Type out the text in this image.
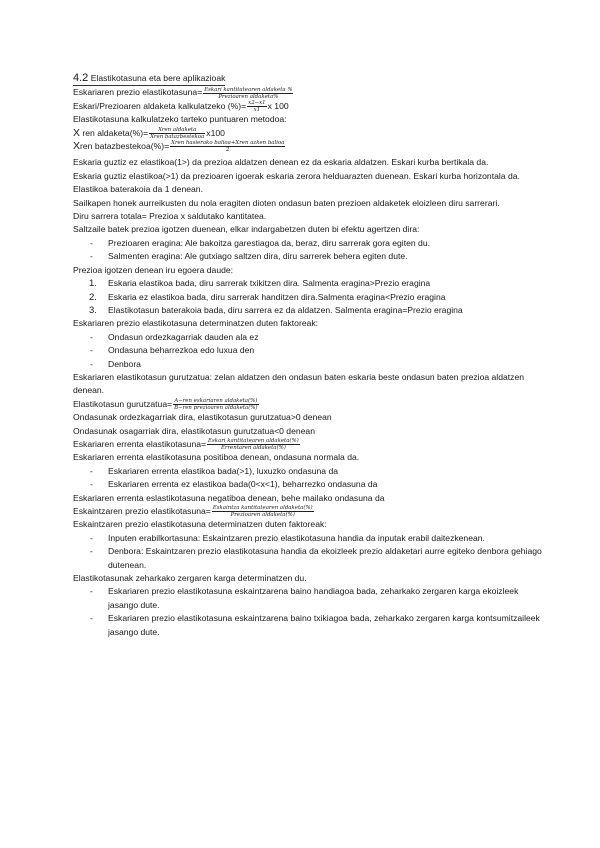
4.2 Elastikotasuna eta bere aplikazioak

Eskariaren prezio elastikotasuna= $\frac{\text{Eskari kantitatearen aldaketa \%}}{\text{Prezioaren aldaketa\%}}$

Eskari/Prezioaren aldaketa kalkulatzeko (%)= $\frac{x2-x1}{x1}$ x 100

Elastikotasuna kalkulatzeko tarteko puntuaren metodoa:

X ren aldaketa(%)= $\frac{\text{Xren aldaketa}}{\text{Xren batazbestekoa}} x100$

Xren batazbestekoa(%)= $\frac{\text{Xren hasierako balioa+Xren azken balioa}}{2}$

Eskaria guztiz ez elastikoa(1>) da prezioa aldatzen denean ez da eskaria aldatzen. Eskari kurba bertikala da.

Eskaria guztiz elastikoa(>1) da prezioaren igoerak eskaria zerora helduarazten duenean. Eskari kurba horizontala da.

Elastikoa baterakoia da 1 denean.

Sailkapen honek aurreikusten du nola eragiten dioten ondasun baten prezioen aldaketek eloizleen diru sarrerari.

Diru sarrera totala= Prezioa x saldutako kantitatea.

Saltzaile batek prezioa igotzen duenean, elkar indargabetzen duten bi efektu agertzen dira:

- Prezioaren eragina: Ale bakoitza garestiagoa da, beraz, diru sarrerak gora egiten du.
- Salmenten eragina: Ale gutxiago saltzen dira, diru sarrerek behera egiten dute.

Prezioa igotzen denean iru egoera daude:

1. Eskaria elastikoa bada, diru sarrerak txikitzen dira. Salmenta eragina>Prezio eragina
2. Eskaria ez elastikoa bada, diru sarrerak handitzen dira.Salmenta eragina<Prezio eragina
3. Elastikotasun baterakoia bada, diru sarrera ez da aldatzen. Salmenta eragina=Prezio eragina

Eskariaren prezio elastikotasuna determinatzen duten faktoreak:

- Ondasun ordezkagarriak dauden ala ez
- Ondasuna beharrezkoa edo luxua den
- Denbora

Eskariaren elastikotasun gurutzatua: zelan aldatzen den ondasun baten eskaria beste ondasun baten prezioa aldatzen denean.

Elastikotasun gurutzatua= $\frac{\text{A−ren eskariaren aldaketa(\%)}}{\text{B−ren prezioaren aldaketa(\%)}}$

Ondasunak ordezkagarriak dira, elastikotasun gurutzatua>0 denean

Ondasunak osagarriak dira, elastikotasun gurutzatua<0 denean

Eskariaren errenta elastikotasuna= $\frac{\text{Eskari kantitatearen aldaketa(\%)}}{\text{Errentaren aldaketa(\%)}}$

Eskariaren errenta elastikotasuna positiboa denean, ondasuna normala da.

- Eskariaren errenta elastikoa bada(>1), luxuzko ondasuna da
- Eskariaren errenta ez elastikoa bada(0<x<1), beharrezko ondasuna da

Eskariaren errenta eslastikotasuna negatiboa denean, behe mailako ondasuna da

Eskaintzaren prezio elastikotasuna= $\frac{\text{Eskaintza kantitatearen aldaketa(\%)}}{\text{Prezioaren aldaketa(\%)}}$

Eskaintzaren prezio elastikotasuna determinatzen duten faktoreak:

- Inputen erabilkortasuna: Eskaintzaren prezio elastikotasuna handia da inputak erabil daitezkenean.
- Denbora: Eskaintzaren prezio elastikotasuna handia da ekoizleek prezio aldaketari aurre egiteko denbora gehiago dutenean.

Elastikotasunak zeharkako zergaren karga determinatzen du.

- Eskariaren prezio elastikotasuna eskaintzarena baino handiagoa bada, zeharkako zergaren karga ekoizleek jasango dute.
- Eskariaren prezio elastikotasuna eskaintzarena baino txikiagoa bada, zeharkako zergaren karga kontsumitzaileek jasango dute.
